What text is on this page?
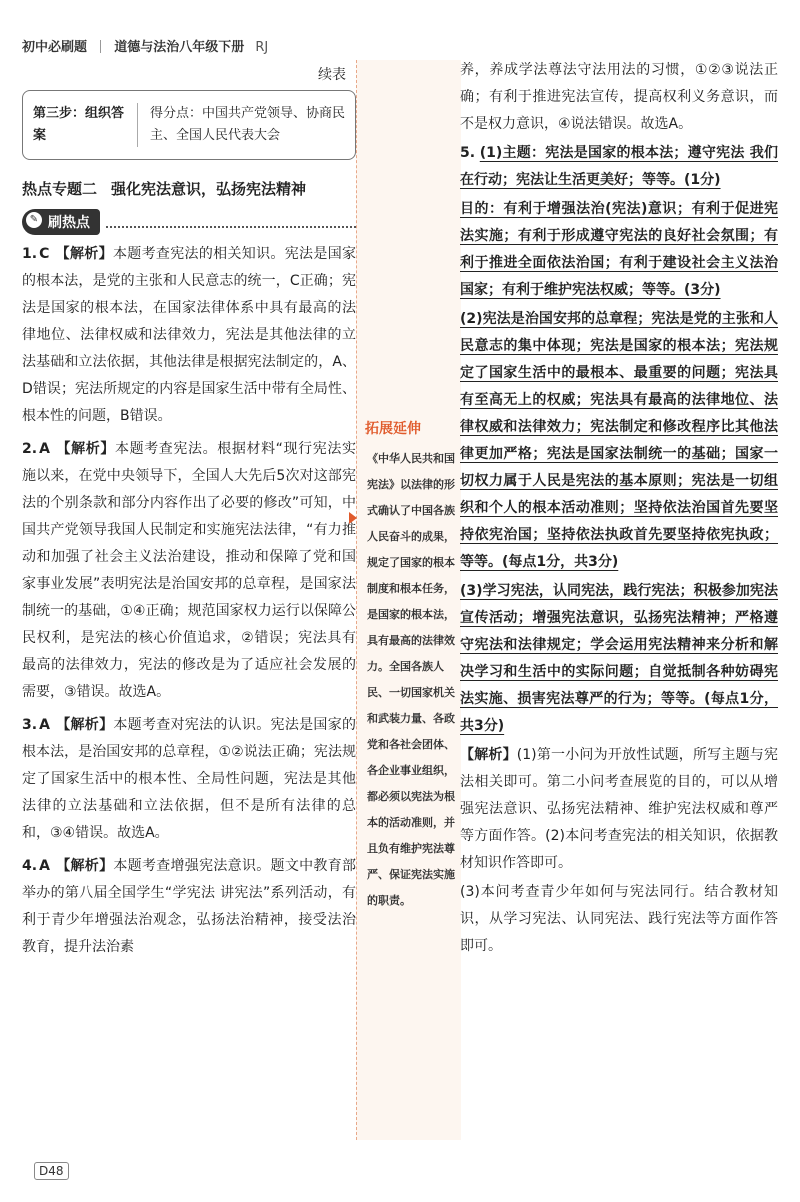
初中必刷题 道德与法治八年级下册 RJ
续表
第三步：组织答案
得分点：中国共产党领导、协商民主、全国人民代表大会
热点专题二 强化宪法意识，弘扬宪法精神
✎ 刷热点
1. C 【解析】本题考查宪法的相关知识。宪法是国家的根本法，是党的主张和人民意志的统一，C正确；宪法是国家的根本法，在国家法律体系中具有最高的法律地位、法律权威和法律效力，宪法是其他法律的立法基础和立法依据，其他法律是根据宪法制定的，A、D错误；宪法所规定的内容是国家生活中带有全局性、根本性的问题，B错误。
2. A 【解析】本题考查宪法。根据材料“现行宪法实施以来，在党中央领导下，全国人大先后5次对这部宪法的个别条款和部分内容作出了必要的修改”可知，中国共产党领导我国人民制定和实施宪法法律，“有力推动和加强了社会主义法治建设，推动和保障了党和国家事业发展”表明宪法是治国安邦的总章程，是国家法制统一的基础，①④正确；规范国家权力运行以保障公民权利，是宪法的核心价值追求，②错误；宪法具有最高的法律效力，宪法的修改是为了适应社会发展的需要，③错误。故选A。
3. A 【解析】本题考查对宪法的认识。宪法是国家的根本法，是治国安邦的总章程，①②说法正确；宪法规定了国家生活中的根本性、全局性问题，宪法是其他法律的立法基础和立法依据，但不是所有法律的总和，③④错误。故选A。
4. A 【解析】本题考查增强宪法意识。题文中教育部举办的第八届全国学生“学宪法 讲宪法”系列活动，有利于青少年增强法治观念，弘扬法治精神，接受法治教育，提升法治素
拓展延伸
《中华人民共和国宪法》以法律的形式确认了中国各族人民奋斗的成果，规定了国家的根本制度和根本任务，是国家的根本法，具有最高的法律效力。全国各族人民、一切国家机关和武装力量、各政党和各社会团体、各企业事业组织，都必须以宪法为根本的活动准则，并且负有维护宪法尊严、保证宪法实施的职责。
养，养成学法尊法守法用法的习惯，①②③说法正确；有利于推进宪法宣传，提高权利义务意识，而不是权力意识，④说法错误。故选A。
5. (1)主题：宪法是国家的根本法；遵守宪法 我们在行动；宪法让生活更美好；等等。(1分)
目的：有利于增强法治(宪法)意识；有利于促进宪法实施；有利于形成遵守宪法的良好社会氛围；有利于推进全面依法治国；有利于建设社会主义法治国家；有利于维护宪法权威；等等。(3分)
(2)宪法是治国安邦的总章程；宪法是党的主张和人民意志的集中体现；宪法是国家的根本法；宪法规定了国家生活中的最根本、最重要的问题；宪法具有至高无上的权威；宪法具有最高的法律地位、法律权威和法律效力；宪法制定和修改程序比其他法律更加严格；宪法是国家法制统一的基础；国家一切权力属于人民是宪法的基本原则；宪法是一切组织和个人的根本活动准则；坚持依法治国首先要坚持依宪治国；坚持依法执政首先要坚持依宪执政；等等。(每点1分，共3分)
(3)学习宪法，认同宪法，践行宪法；积极参加宪法宣传活动；增强宪法意识，弘扬宪法精神；严格遵守宪法和法律规定；学会运用宪法精神来分析和解决学习和生活中的实际问题；自觉抵制各种妨碍宪法实施、损害宪法尊严的行为；等等。(每点1分，共3分)
【解析】(1)第一小问为开放性试题，所写主题与宪法相关即可。第二小问考查展览的目的，可以从增强宪法意识、弘扬宪法精神、维护宪法权威和尊严等方面作答。(2)本问考查宪法的相关知识，依据教材知识作答即可。
(3)本问考查青少年如何与宪法同行。结合教材知识，从学习宪法、认同宪法、践行宪法等方面作答即可。
D48
